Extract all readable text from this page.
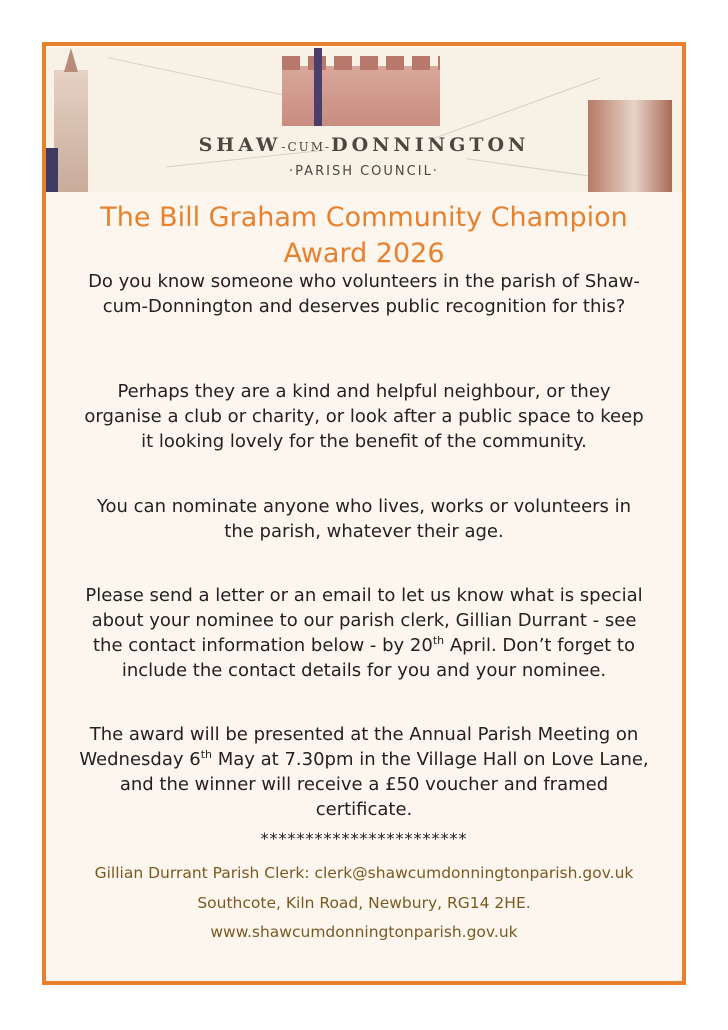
SHAW-CUM-DONNINGTON
·PARISH COUNCIL·
The Bill Graham Community Champion
Award 2026
Do you know someone who volunteers in the parish of Shaw-
cum-Donnington and deserves public recognition for this?
Perhaps they are a kind and helpful neighbour, or they
organise a club or charity, or look after a public space to keep
it looking lovely for the benefit of the community.
You can nominate anyone who lives, works or volunteers in
the parish, whatever their age.
Please send a letter or an email to let us know what is special
about your nominee to our parish clerk, Gillian Durrant - see
the contact information below - by 20th April. Don’t forget to
include the contact details for you and your nominee.
The award will be presented at the Annual Parish Meeting on
Wednesday 6th May at 7.30pm in the Village Hall on Love Lane,
and the winner will receive a £50 voucher and framed
certificate.
***********************
Gillian Durrant Parish Clerk: clerk@shawcumdonningtonparish.gov.uk
Southcote, Kiln Road, Newbury, RG14 2HE.
www.shawcumdonningtonparish.gov.uk
